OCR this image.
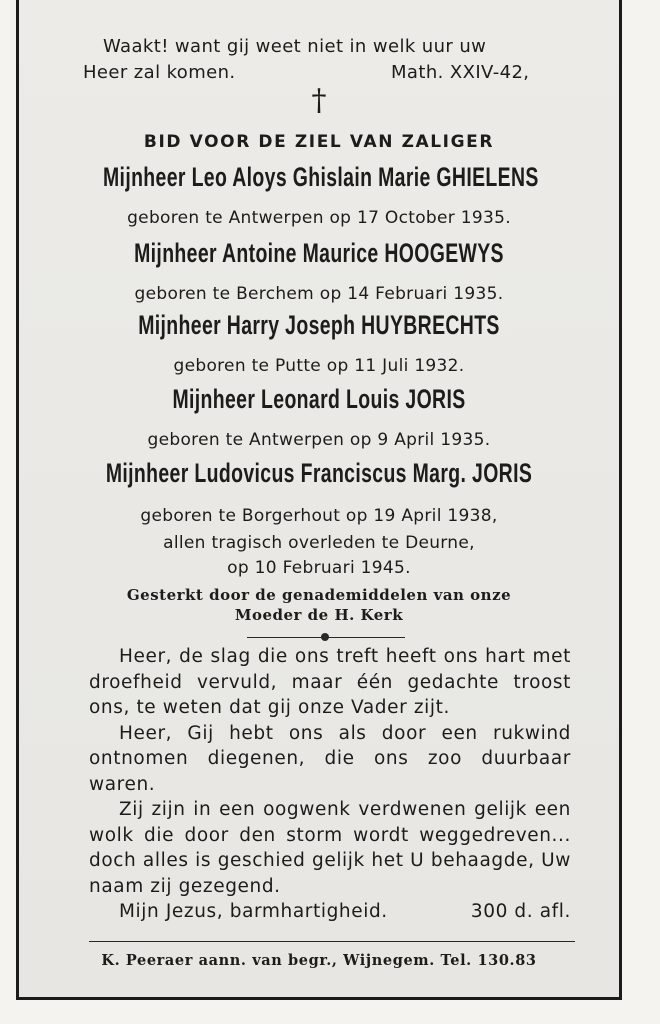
Waakt! want gij weet niet in welk uur uw
Heer zal komen.	Math. XXIV-42,
†
BID VOOR DE ZIEL VAN ZALIGER
Mijnheer Leo Aloys Ghislain Marie GHIELENS
geboren te Antwerpen op 17 October 1935.
Mijnheer Antoine Maurice HOOGEWYS
geboren te Berchem op 14 Februari 1935.
Mijnheer Harry Joseph HUYBRECHTS
geboren te Putte op 11 Juli 1932.
Mijnheer Leonard Louis JORIS
geboren te Antwerpen op 9 April 1935.
Mijnheer Ludovicus Franciscus Marg. JORIS
geboren te Borgerhout op 19 April 1938,
allen tragisch overleden te Deurne,
op 10 Februari 1945.
Gesterkt door de genademiddelen van onze
Moeder de H. Kerk

Heer, de slag die ons treft heeft ons hart met droefheid vervuld, maar één gedachte troost ons, te weten dat gij onze Vader zijt.

Heer, Gij hebt ons als door een rukwind ontnomen diegenen, die ons zoo duurbaar waren.

Zij zijn in een oogwenk verdwenen gelijk een wolk die door den storm wordt weggedreven... doch alles is geschied gelijk het U behaagde, Uw naam zij gezegend.

Mijn Jezus, barmhartigheid.	300 d. afl.
K. Peeraer aann. van begr., Wijnegem. Tel. 130.83
